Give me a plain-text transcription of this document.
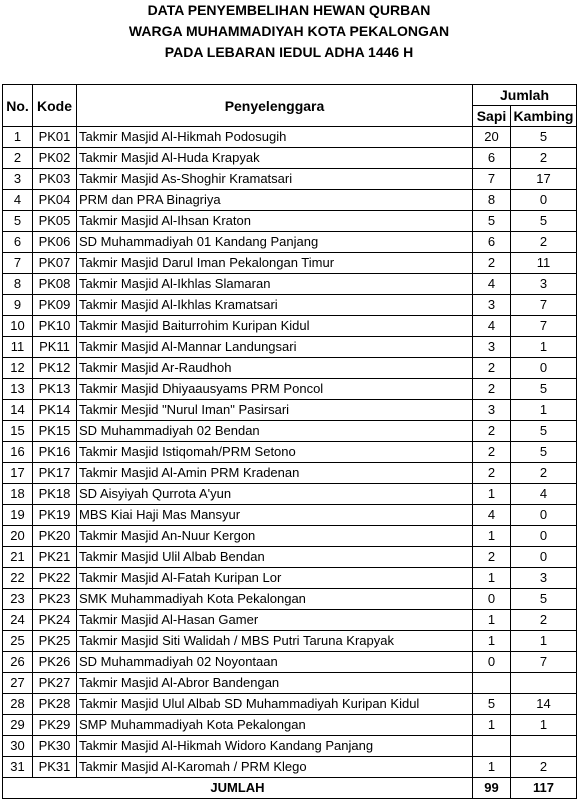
DATA PENYEMBELIHAN HEWAN QURBAN
WARGA MUHAMMADIYAH KOTA PEKALONGAN
PADA LEBARAN IEDUL ADHA 1446 H
No.	Kode	Penyelenggara	Jumlah	
			Sapi	Kambing
1	PK01	Takmir Masjid Al-Hikmah Podosugih	20	5
2	PK02	Takmir Masjid Al-Huda Krapyak	6	2
3	PK03	Takmir Masjid As-Shoghir Kramatsari	7	17
4	PK04	PRM dan PRA Binagriya	8	0
5	PK05	Takmir Masjid Al-Ihsan Kraton	5	5
6	PK06	SD Muhammadiyah 01 Kandang Panjang	6	2
7	PK07	Takmir Masjid Darul Iman Pekalongan Timur	2	11
8	PK08	Takmir Masjid Al-Ikhlas Slamaran	4	3
9	PK09	Takmir Masjid Al-Ikhlas Kramatsari	3	7
10	PK10	Takmir Masjid Baiturrohim Kuripan Kidul	4	7
11	PK11	Takmir Masjid Al-Mannar Landungsari	3	1
12	PK12	Takmir Masjid Ar-Raudhoh	2	0
13	PK13	Takmir Masjid Dhiyaausyams PRM Poncol	2	5
14	PK14	Takmir Mesjid "Nurul Iman" Pasirsari	3	1
15	PK15	SD Muhammadiyah 02 Bendan	2	5
16	PK16	Takmir Masjid Istiqomah/PRM Setono	2	5
17	PK17	Takmir Masjid Al-Amin PRM Kradenan	2	2
18	PK18	SD Aisyiyah Qurrota A'yun	1	4
19	PK19	MBS Kiai Haji Mas Mansyur	4	0
20	PK20	Takmir Masjid An-Nuur Kergon	1	0
21	PK21	Takmir Masjid Ulil Albab Bendan	2	0
22	PK22	Takmir Masjid Al-Fatah Kuripan Lor	1	3
23	PK23	SMK Muhammadiyah Kota Pekalongan	0	5
24	PK24	Takmir Masjid Al-Hasan Gamer	1	2
25	PK25	Takmir Masjid Siti Walidah / MBS Putri Taruna Krapyak	1	1
26	PK26	SD Muhammadiyah 02 Noyontaan	0	7
27	PK27	Takmir Masjid Al-Abror Bandengan		
28	PK28	Takmir Masjid Ulul Albab SD Muhammadiyah Kuripan Kidul	5	14
29	PK29	SMP Muhammadiyah Kota Pekalongan	1	1
30	PK30	Takmir Masjid Al-Hikmah Widoro Kandang Panjang		
31	PK31	Takmir Masjid Al-Karomah / PRM Klego	1	2
JUMLAH			99	117
